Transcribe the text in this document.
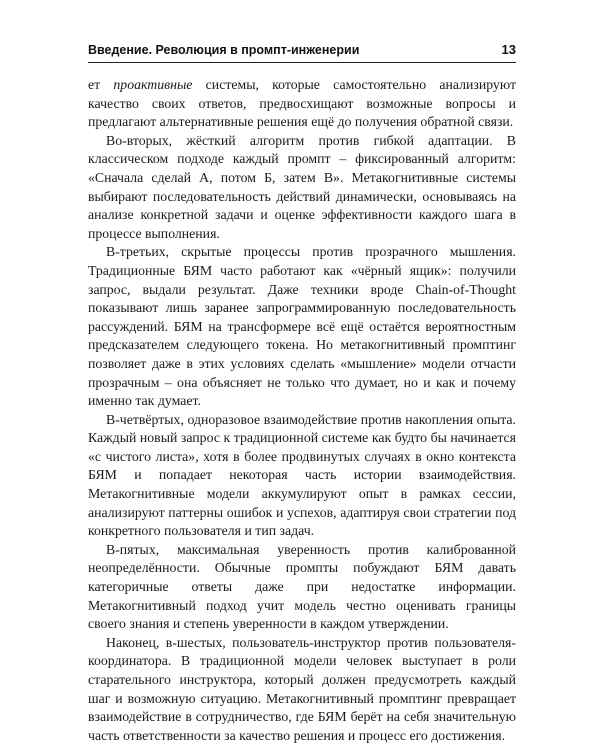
Введение. Революция в промпт-инженерии	13

ет проактивные системы, которые самостоятельно анализируют качество своих ответов, предвосхищают возможные вопросы и предлагают альтернативные решения ещё до получения обратной связи.

Во-вторых, жёсткий алгоритм против гибкой адаптации. В классическом подходе каждый промпт – фиксированный алгоритм: «Сначала сделай А, потом Б, затем В». Метакогнитивные системы выбирают последовательность действий динамически, основываясь на анализе конкретной задачи и оценке эффективности каждого шага в процессе выполнения.

В-третьих, скрытые процессы против прозрачного мышления. Традиционные БЯМ часто работают как «чёрный ящик»: получили запрос, выдали результат. Даже техники вроде Chain-of-Thought показывают лишь заранее запрограммированную последовательность рассуждений. БЯМ на трансформере всё ещё остаётся вероятностным предсказателем следующего токена. Но метакогнитивный промптинг позволяет даже в этих условиях сделать «мышление» модели отчасти прозрачным – она объясняет не только что думает, но и как и почему именно так думает.

В-четвёртых, одноразовое взаимодействие против накопления опыта. Каждый новый запрос к традиционной системе как будто бы начинается «с чистого листа», хотя в более продвинутых случаях в окно контекста БЯМ и попадает некоторая часть истории взаимодействия. Метакогнитивные модели аккумулируют опыт в рамках сессии, анализируют паттерны ошибок и успехов, адаптируя свои стратегии под конкретного пользователя и тип задач.

В-пятых, максимальная уверенность против калиброванной неопределённости. Обычные промпты побуждают БЯМ давать категоричные ответы даже при недостатке информации. Метакогнитивный подход учит модель честно оценивать границы своего знания и степень уверенности в каждом утверждении.

Наконец, в-шестых, пользователь-инструктор против пользователя-координатора. В традиционной модели человек выступает в роли старательного инструктора, который должен предусмотреть каждый шаг и возможную ситуацию. Метакогнитивный промптинг превращает взаимодействие в сотрудничество, где БЯМ берёт на себя значительную часть ответственности за качество решения и процесс его достижения.
